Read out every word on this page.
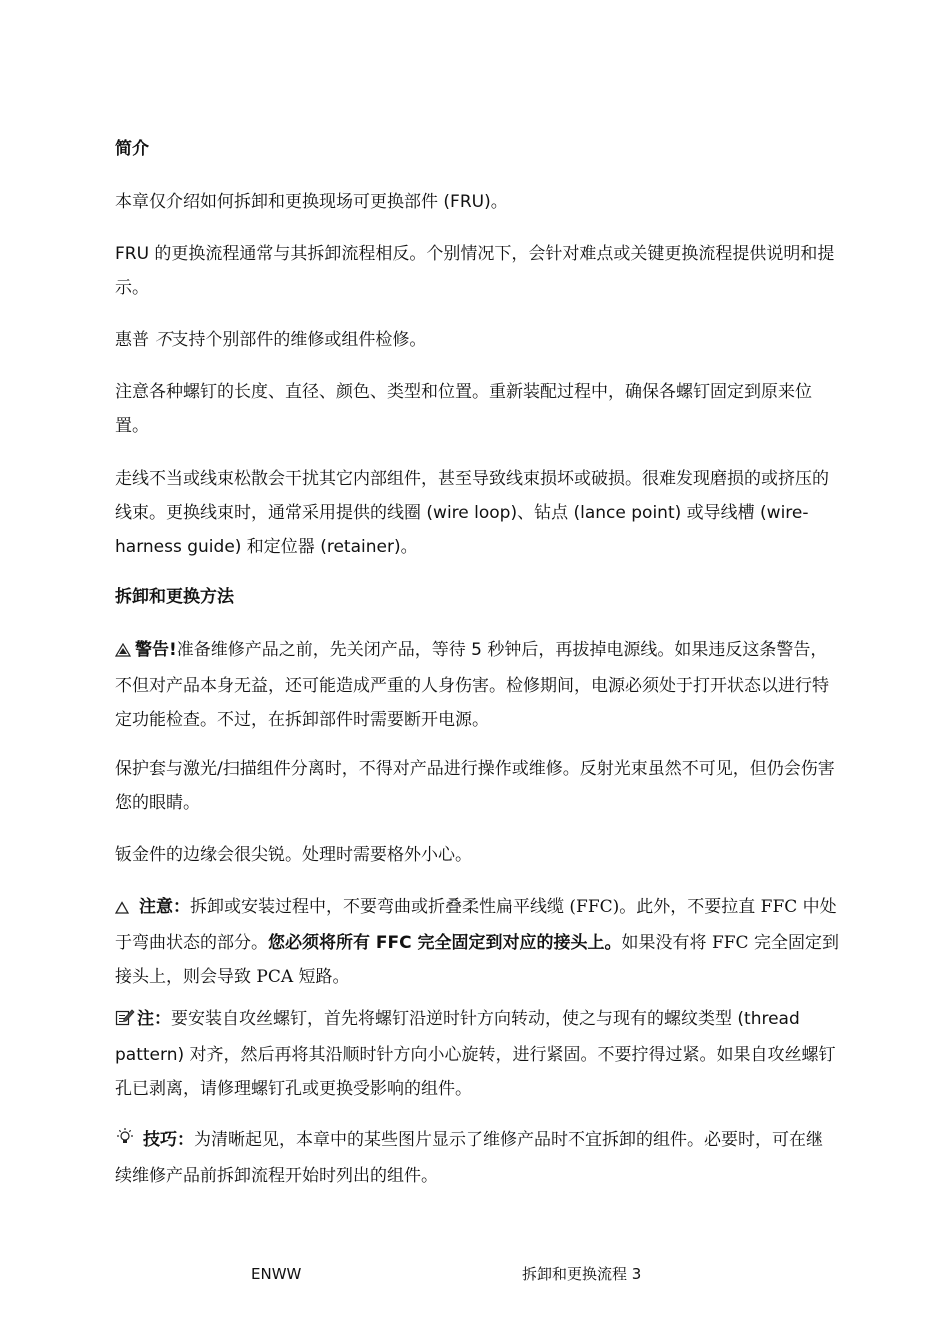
简介

本章仅介绍如何拆卸和更换现场可更换部件 (FRU)。

FRU 的更换流程通常与其拆卸流程相反。个别情况下，会针对难点或关键更换流程提供说明和提示。

惠普 不支持个别部件的维修或组件检修。

注意各种螺钉的长度、直径、颜色、类型和位置。重新装配过程中，确保各螺钉固定到原来位置。

走线不当或线束松散会干扰其它内部组件，甚至导致线束损坏或破损。很难发现磨损的或挤压的线束。更换线束时，通常采用提供的线圈 (wire loop)、钻点 (lance point) 或导线槽 (wire-harness guide) 和定位器 (retainer)。

拆卸和更换方法

警告!准备维修产品之前，先关闭产品，等待 5 秒钟后，再拔掉电源线。如果违反这条警告，不但对产品本身无益，还可能造成严重的人身伤害。检修期间，电源必须处于打开状态以进行特定功能检查。不过，在拆卸部件时需要断开电源。

保护套与激光/扫描组件分离时，不得对产品进行操作或维修。反射光束虽然不可见，但仍会伤害您的眼睛。

钣金件的边缘会很尖锐。处理时需要格外小心。

注意：拆卸或安装过程中，不要弯曲或折叠柔性扁平线缆 (FFC)。此外，不要拉直 FFC 中处于弯曲状态的部分。您必须将所有 FFC 完全固定到对应的接头上。如果没有将 FFC 完全固定到接头上，则会导致 PCA 短路。

注：要安装自攻丝螺钉，首先将螺钉沿逆时针方向转动，使之与现有的螺纹类型 (thread pattern) 对齐，然后再将其沿顺时针方向小心旋转，进行紧固。不要拧得过紧。如果自攻丝螺钉孔已剥离，请修理螺钉孔或更换受影响的组件。

技巧：为清晰起见，本章中的某些图片显示了维修产品时不宜拆卸的组件。必要时，可在继续维修产品前拆卸流程开始时列出的组件。

ENWW	拆卸和更换流程 3
